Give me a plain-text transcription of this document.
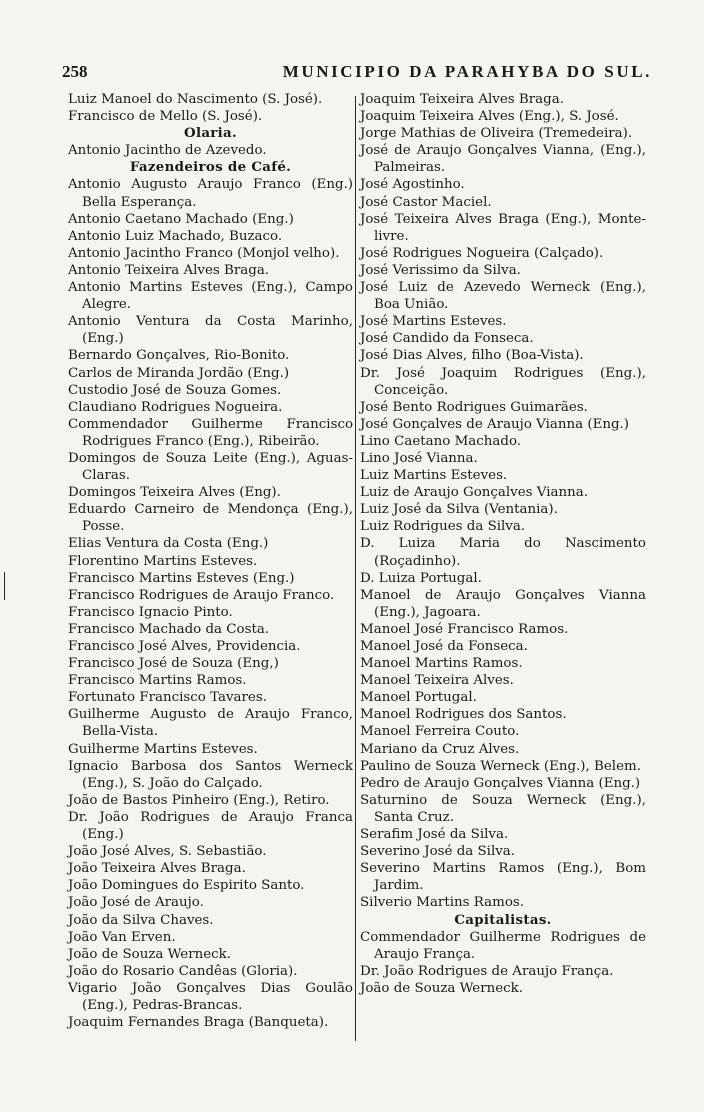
258	MUNICIPIO DA PARAHYBA DO SUL.
Luiz Manoel do Nascimento (S. José).
Francisco de Mello (S. José).
Olaria.
Antonio Jacintho de Azevedo.
Fazendeiros de Café.
Antonio Augusto Araujo Franco (Eng.) Bella Esperança.
Antonio Caetano Machado (Eng.)
Antonio Luiz Machado, Buzaco.
Antonio Jacintho Franco (Monjol velho).
Antonio Teixeira Alves Braga.
Antonio Martins Esteves (Eng.), Campo Alegre.
Antonio Ventura da Costa Marinho, (Eng.)
Bernardo Gonçalves, Rio-Bonito.
Carlos de Miranda Jordão (Eng.)
Custodio José de Souza Gomes.
Claudiano Rodrigues Nogueira.
Commendador Guilherme Francisco Rodrigues Franco (Eng.), Ribeirão.
Domingos de Souza Leite (Eng.), Aguas-Claras.
Domingos Teixeira Alves (Eng).
Eduardo Carneiro de Mendonça (Eng.), Posse.
Elias Ventura da Costa (Eng.)
Florentino Martins Esteves.
Francisco Martins Esteves (Eng.)
Francisco Rodrigues de Araujo Franco.
Francisco Ignacio Pinto.
Francisco Machado da Costa.
Francisco José Alves, Providencia.
Francisco José de Souza (Eng,)
Francisco Martins Ramos.
Fortunato Francisco Tavares.
Guilherme Augusto de Araujo Franco, Bella-Vista.
Guilherme Martins Esteves.
Ignacio Barbosa dos Santos Werneck (Eng.), S. João do Calçado.
João de Bastos Pinheiro (Eng.), Retiro.
Dr. João Rodrigues de Araujo Franca (Eng.)
João José Alves, S. Sebastião.
João Teixeira Alves Braga.
João Domingues do Espirito Santo.
João José de Araujo.
João da Silva Chaves.
João Van Erven.
João de Souza Werneck.
João do Rosario Candêas (Gloria).
Vigario João Gonçalves Dias Goulão (Eng.), Pedras-Brancas.
Joaquim Fernandes Braga (Banqueta).
Joaquim Teixeira Alves Braga.
Joaquim Teixeira Alves (Eng.), S. José.
Jorge Mathias de Oliveira (Tremedeira).
José de Araujo Gonçalves Vianna, (Eng.), Palmeiras.
José Agostinho.
José Castor Maciel.
José Teixeira Alves Braga (Eng.), Monte-livre.
José Rodrigues Nogueira (Calçado).
José Verissimo da Silva.
José Luiz de Azevedo Werneck (Eng.), Boa União.
José Martins Esteves.
José Candido da Fonseca.
José Dias Alves, filho (Boa-Vista).
Dr. José Joaquim Rodrigues (Eng.), Conceição.
José Bento Rodrigues Guimarães.
José Gonçalves de Araujo Vianna (Eng.)
Lino Caetano Machado.
Lino José Vianna.
Luiz Martins Esteves.
Luiz de Araujo Gonçalves Vianna.
Luiz José da Silva (Ventania).
Luiz Rodrigues da Silva.
D. Luiza Maria do Nascimento (Roçadinho).
D. Luiza Portugal.
Manoel de Araujo Gonçalves Vianna (Eng.), Jagoara.
Manoel José Francisco Ramos.
Manoel José da Fonseca.
Manoel Martins Ramos.
Manoel Teixeira Alves.
Manoel Portugal.
Manoel Rodrigues dos Santos.
Manoel Ferreira Couto.
Mariano da Cruz Alves.
Paulino de Souza Werneck (Eng.), Belem.
Pedro de Araujo Gonçalves Vianna (Eng.)
Saturnino de Souza Werneck (Eng.), Santa Cruz.
Serafim José da Silva.
Severino José da Silva.
Severino Martins Ramos (Eng.), Bom Jardim.
Silverio Martins Ramos.
Capitalistas.
Commendador Guilherme Rodrigues de Araujo França.
Dr. João Rodrigues de Araujo França.
João de Souza Werneck.
